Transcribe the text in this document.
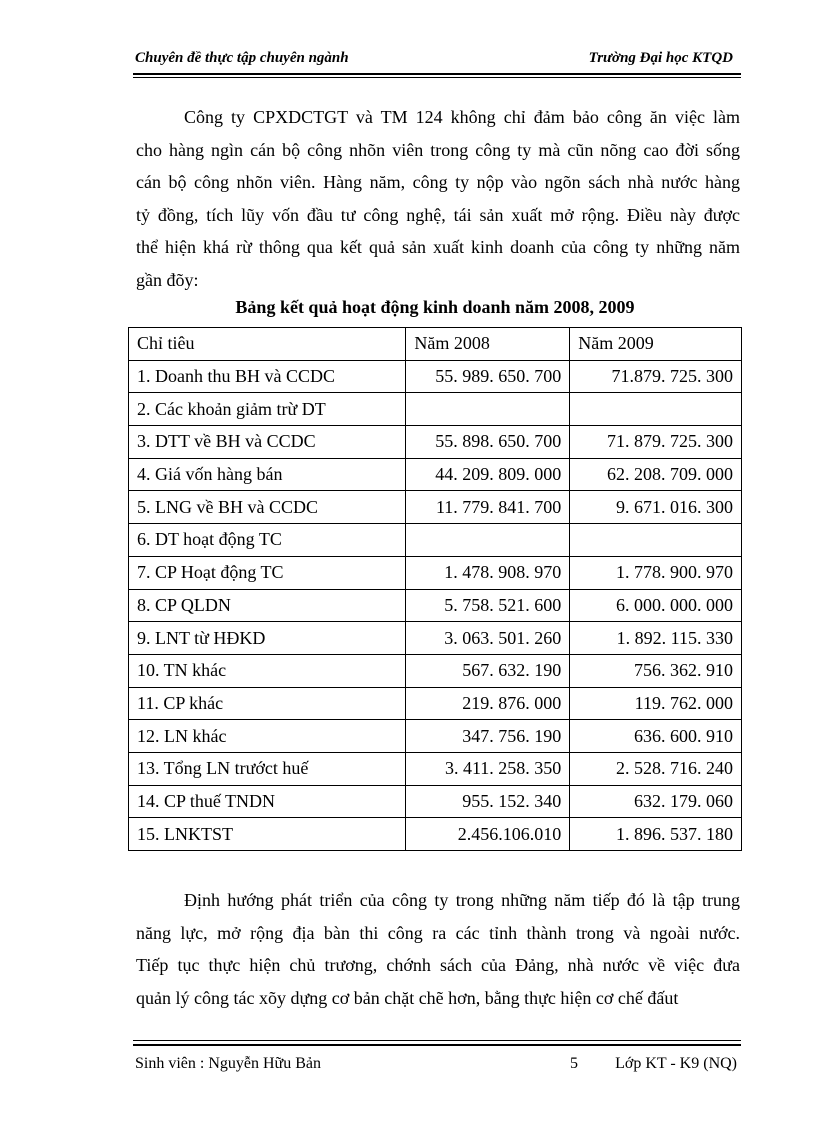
Chuyên đề thực tập chuyên ngành	Trường Đại học KTQD
Công ty CPXDCTGT và TM 124 không chỉ đảm bảo công ăn việc làm
cho hàng ngìn cán bộ công nhõn viên trong công ty mà cũn nõng cao đời sống
cán bộ công nhõn viên. Hàng năm, công ty nộp vào ngõn sách nhà nước hàng
tỷ đồng, tích lũy vốn đầu tư công nghệ, tái sản xuất mở rộng. Điều này được
thể hiện khá rừ thông qua kết quả sản xuất kinh doanh của công ty những năm
gần đõy:
Bảng kết quả hoạt động kinh doanh năm 2008, 2009
Chỉ tiêu	Năm 2008	Năm 2009
1. Doanh thu BH và CCDC	55. 989. 650. 700	71.879. 725. 300
2. Các khoản giảm trừ DT		
3. DTT về BH và CCDC	55. 898. 650. 700	71. 879. 725. 300
4. Giá vốn hàng bán	44. 209. 809. 000	62. 208. 709. 000
5. LNG về BH và CCDC	11. 779. 841. 700	9. 671. 016. 300
6. DT hoạt động TC		
7. CP Hoạt động TC	1. 478. 908. 970	1. 778. 900. 970
8. CP QLDN	5. 758. 521. 600	6. 000. 000. 000
9. LNT từ HĐKD	3. 063. 501. 260	1. 892. 115. 330
10. TN khác	567. 632. 190	756. 362. 910
11. CP khác	219. 876. 000	119. 762. 000
12. LN khác	347. 756. 190	636. 600. 910
13. Tổng LN trướct huế	3. 411. 258. 350	2. 528. 716. 240
14. CP thuế TNDN	955. 152. 340	632. 179. 060
15. LNKTST	2.456.106.010	1. 896. 537. 180
Định hướng phát triển của công ty trong những năm tiếp đó là tập trung
năng lực, mở rộng địa bàn thi công ra các tỉnh thành trong và ngoài nước.
Tiếp tục thực hiện chủ trương, chớnh sách của Đảng, nhà nước về việc đưa
quản lý công tác xõy dựng cơ bản chặt chẽ hơn, bằng thực hiện cơ chế đấut
Sinh viên : Nguyễn Hữu Bản	5 Lớp KT - K9 (NQ)
